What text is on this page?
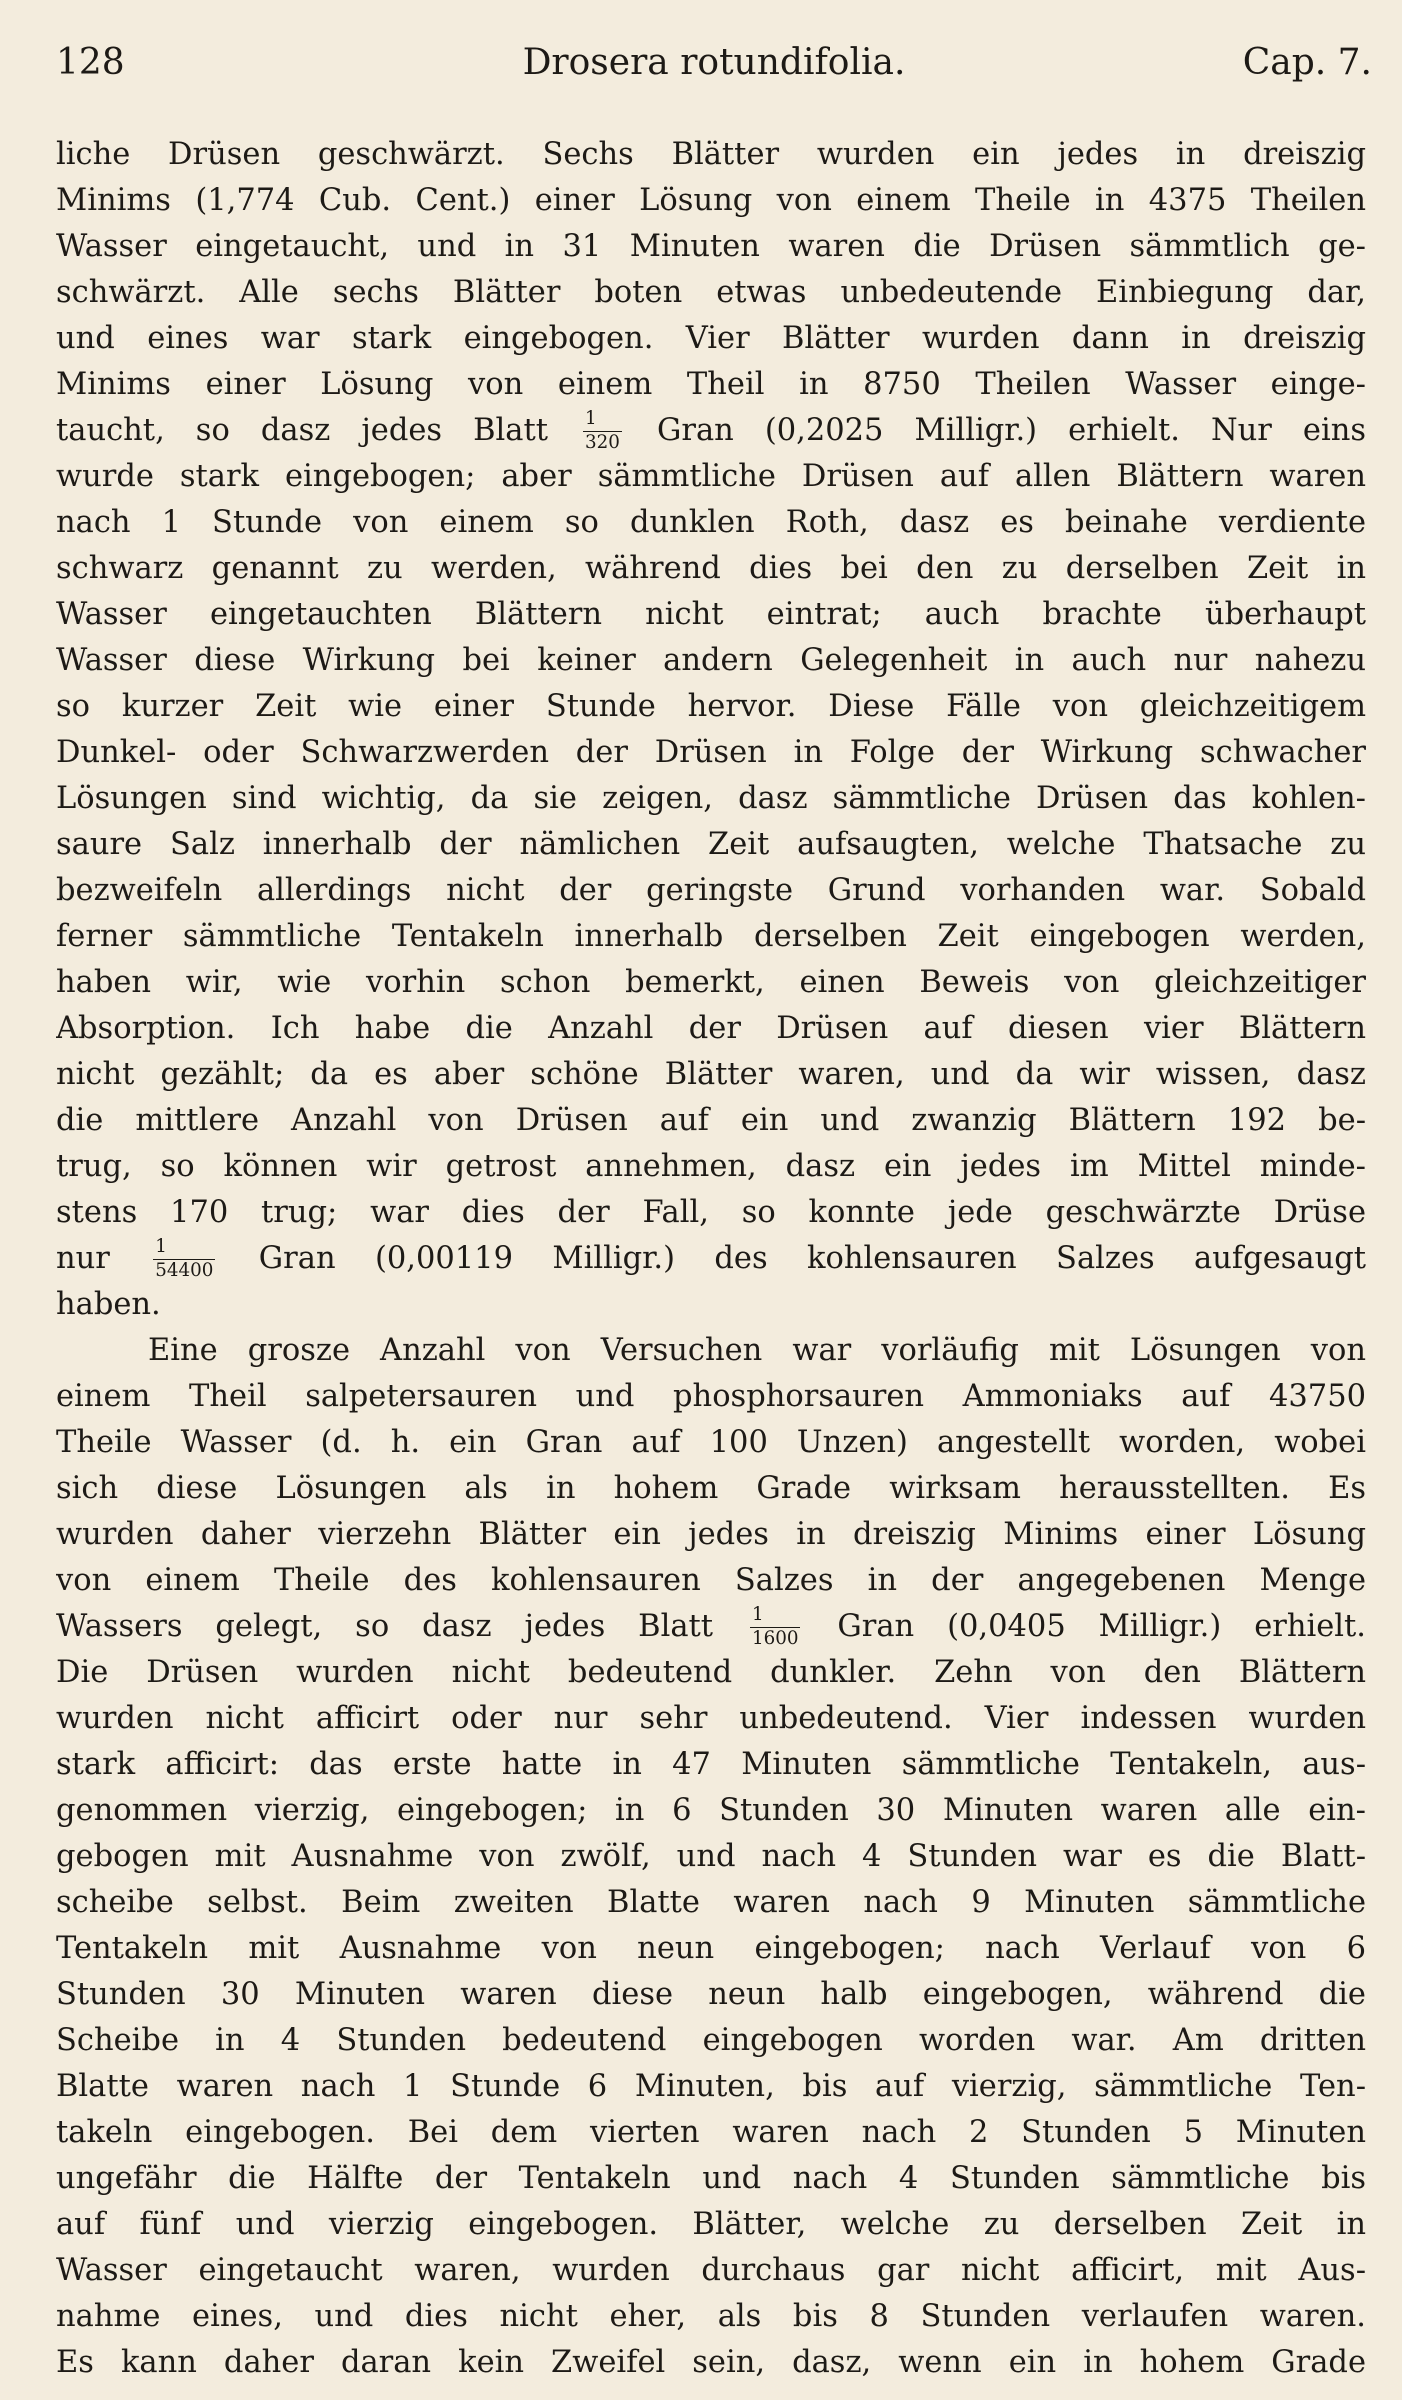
128	Drosera rotundifolia.	Cap. 7.
liche Drüsen geschwärzt. Sechs Blätter wurden ein jedes in dreiszig
Minims (1,774 Cub. Cent.) einer Lösung von einem Theile in 4375 Theilen
Wasser eingetaucht, und in 31 Minuten waren die Drüsen sämmtlich ge-
schwärzt. Alle sechs Blätter boten etwas unbedeutende Einbiegung dar,
und eines war stark eingebogen. Vier Blätter wurden dann in dreiszig
Minims einer Lösung von einem Theil in 8750 Theilen Wasser einge-
taucht, so dasz jedes Blatt $\frac{1}{320}$ Gran (0,2025 Milligr.) erhielt. Nur eins
wurde stark eingebogen; aber sämmtliche Drüsen auf allen Blättern waren
nach 1 Stunde von einem so dunklen Roth, dasz es beinahe verdiente
schwarz genannt zu werden, während dies bei den zu derselben Zeit in
Wasser eingetauchten Blättern nicht eintrat; auch brachte überhaupt
Wasser diese Wirkung bei keiner andern Gelegenheit in auch nur nahezu
so kurzer Zeit wie einer Stunde hervor. Diese Fälle von gleichzeitigem
Dunkel- oder Schwarzwerden der Drüsen in Folge der Wirkung schwacher
Lösungen sind wichtig, da sie zeigen, dasz sämmtliche Drüsen das kohlen-
saure Salz innerhalb der nämlichen Zeit aufsaugten, welche Thatsache zu
bezweifeln allerdings nicht der geringste Grund vorhanden war. Sobald
ferner sämmtliche Tentakeln innerhalb derselben Zeit eingebogen werden,
haben wir, wie vorhin schon bemerkt, einen Beweis von gleichzeitiger
Absorption. Ich habe die Anzahl der Drüsen auf diesen vier Blättern
nicht gezählt; da es aber schöne Blätter waren, und da wir wissen, dasz
die mittlere Anzahl von Drüsen auf ein und zwanzig Blättern 192 be-
trug, so können wir getrost annehmen, dasz ein jedes im Mittel minde-
stens 170 trug; war dies der Fall, so konnte jede geschwärzte Drüse
nur $\frac{1}{54400}$ Gran (0,00119 Milligr.) des kohlensauren Salzes aufgesaugt
haben.
Eine grosze Anzahl von Versuchen war vorläufig mit Lösungen von
einem Theil salpetersauren und phosphorsauren Ammoniaks auf 43750
Theile Wasser (d. h. ein Gran auf 100 Unzen) angestellt worden, wobei
sich diese Lösungen als in hohem Grade wirksam herausstellten. Es
wurden daher vierzehn Blätter ein jedes in dreiszig Minims einer Lösung
von einem Theile des kohlensauren Salzes in der angegebenen Menge
Wassers gelegt, so dasz jedes Blatt $\frac{1}{1600}$ Gran (0,0405 Milligr.) erhielt.
Die Drüsen wurden nicht bedeutend dunkler. Zehn von den Blättern
wurden nicht afficirt oder nur sehr unbedeutend. Vier indessen wurden
stark afficirt: das erste hatte in 47 Minuten sämmtliche Tentakeln, aus-
genommen vierzig, eingebogen; in 6 Stunden 30 Minuten waren alle ein-
gebogen mit Ausnahme von zwölf, und nach 4 Stunden war es die Blatt-
scheibe selbst. Beim zweiten Blatte waren nach 9 Minuten sämmtliche
Tentakeln mit Ausnahme von neun eingebogen; nach Verlauf von 6
Stunden 30 Minuten waren diese neun halb eingebogen, während die
Scheibe in 4 Stunden bedeutend eingebogen worden war. Am dritten
Blatte waren nach 1 Stunde 6 Minuten, bis auf vierzig, sämmtliche Ten-
takeln eingebogen. Bei dem vierten waren nach 2 Stunden 5 Minuten
ungefähr die Hälfte der Tentakeln und nach 4 Stunden sämmtliche bis
auf fünf und vierzig eingebogen. Blätter, welche zu derselben Zeit in
Wasser eingetaucht waren, wurden durchaus gar nicht afficirt, mit Aus-
nahme eines, und dies nicht eher, als bis 8 Stunden verlaufen waren.
Es kann daher daran kein Zweifel sein, dasz, wenn ein in hohem Grade
